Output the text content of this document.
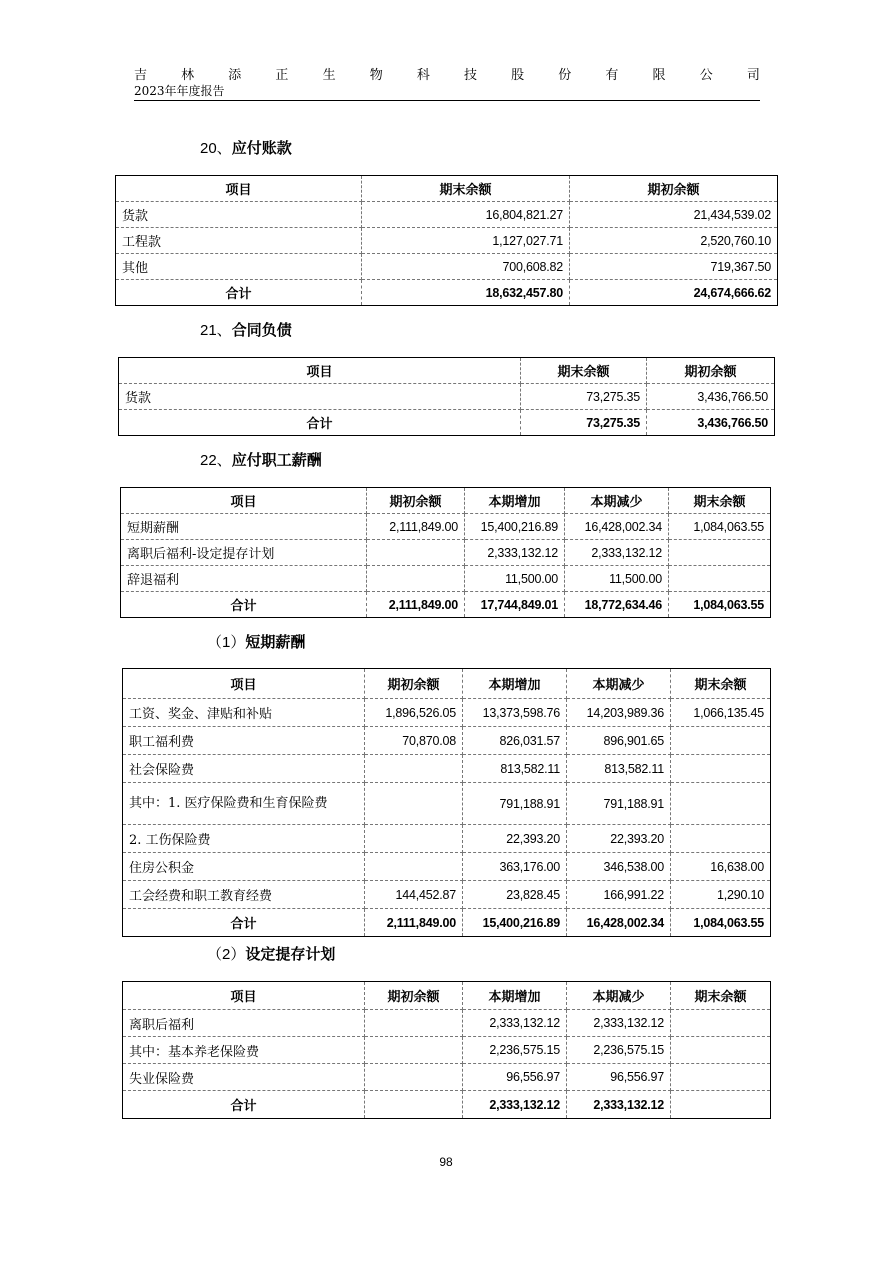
吉	林	添	正	生	物	科	技	股	份	有	限	公	司
2023年年度报告
20、应付账款
项目	期末余额	期初余额
货款	16,804,821.27	21,434,539.02
工程款	1,127,027.71	2,520,760.10
其他	700,608.82	719,367.50
合计	18,632,457.80	24,674,666.62
21、合同负债
项目	期末余额	期初余额
货款	73,275.35	3,436,766.50
合计	73,275.35	3,436,766.50
22、应付职工薪酬
项目	期初余额	本期增加	本期减少	期末余额
短期薪酬	2,111,849.00	15,400,216.89	16,428,002.34	1,084,063.55
离职后福利-设定提存计划		2,333,132.12	2,333,132.12	
辞退福利		11,500.00	11,500.00	
合计	2,111,849.00	17,744,849.01	18,772,634.46	1,084,063.55
（1）短期薪酬
项目	期初余额	本期增加	本期减少	期末余额
工资、奖金、津贴和补贴	1,896,526.05	13,373,598.76	14,203,989.36	1,066,135.45
职工福利费	70,870.08	826,031.57	896,901.65	
社会保险费		813,582.11	813,582.11	
其中：1. 医疗保险费和生育保险费		791,188.91	791,188.91	
2. 工伤保险费		22,393.20	22,393.20	
住房公积金		363,176.00	346,538.00	16,638.00
工会经费和职工教育经费	144,452.87	23,828.45	166,991.22	1,290.10
合计	2,111,849.00	15,400,216.89	16,428,002.34	1,084,063.55
（2）设定提存计划
项目	期初余额	本期增加	本期减少	期末余额
离职后福利		2,333,132.12	2,333,132.12	
其中：基本养老保险费		2,236,575.15	2,236,575.15	
失业保险费		96,556.97	96,556.97	
合计		2,333,132.12	2,333,132.12	
98
